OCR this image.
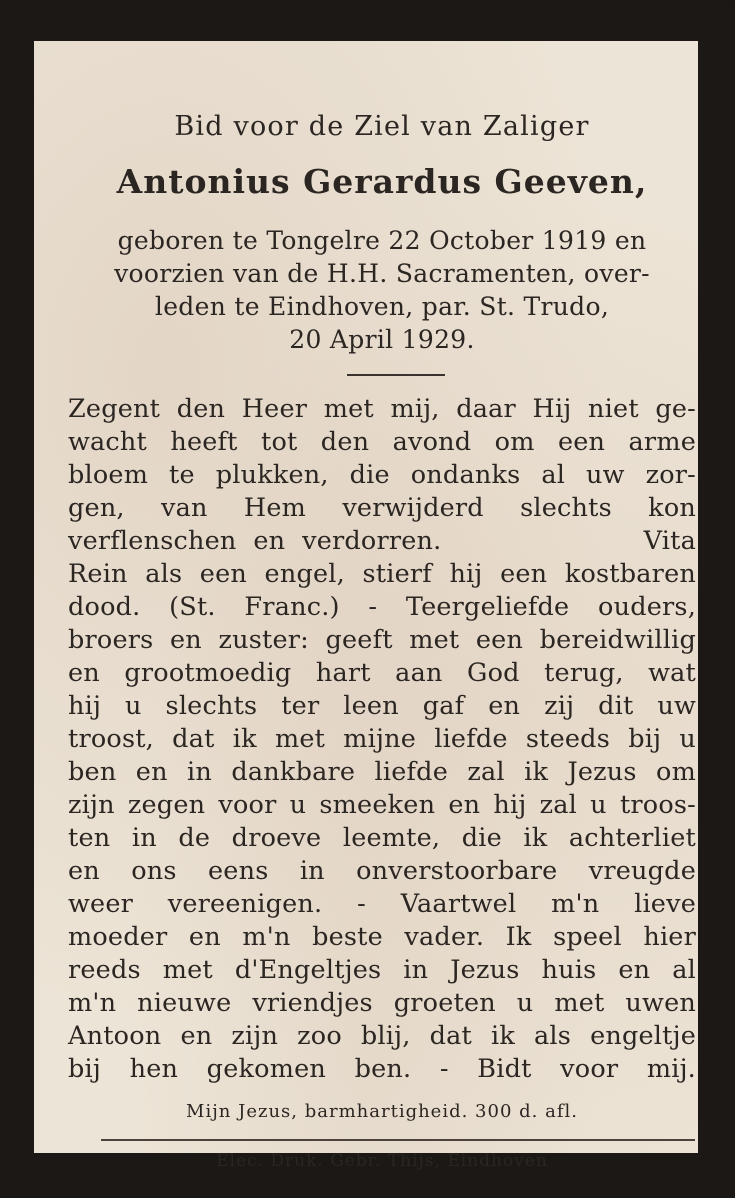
Bid voor de Ziel van Zaliger

Antonius Gerardus Geeven,

geboren te Tongelre 22 October 1919 en

voorzien van de H.H. Sacramenten, over-

leden te Eindhoven, par. St. Trudo,

20 April 1929.

Zegent den Heer met mij, daar Hij niet ge-

wacht heeft tot den avond om een arme

bloem te plukken, die ondanks al uw zor-

gen, van Hem verwijderd slechts kon

verflenschen en verdorren.            Vita

Rein als een engel, stierf hij een kostbaren

dood. (St. Franc.) - Teergeliefde ouders,

broers en zuster: geeft met een bereidwillig

en grootmoedig hart aan God terug, wat

hij u slechts ter leen gaf en zij dit uw

troost, dat ik met mijne liefde steeds bij u

ben en in dankbare liefde zal ik Jezus om

zijn zegen voor u smeeken en hij zal u troos-

ten in de droeve leemte, die ik achterliet

en ons eens in onverstoorbare vreugde

weer vereenigen. - Vaartwel m'n lieve

moeder en m'n beste vader. Ik speel hier

reeds met d'Engeltjes in Jezus huis en al

m'n nieuwe vriendjes groeten u met uwen

Antoon en zijn zoo blij, dat ik als engeltje

bij hen gekomen ben. - Bidt voor mij.

Mijn Jezus, barmhartigheid. 300 d. afl.

Elec. Druk. Gebr. Thijs, Eindhoven
